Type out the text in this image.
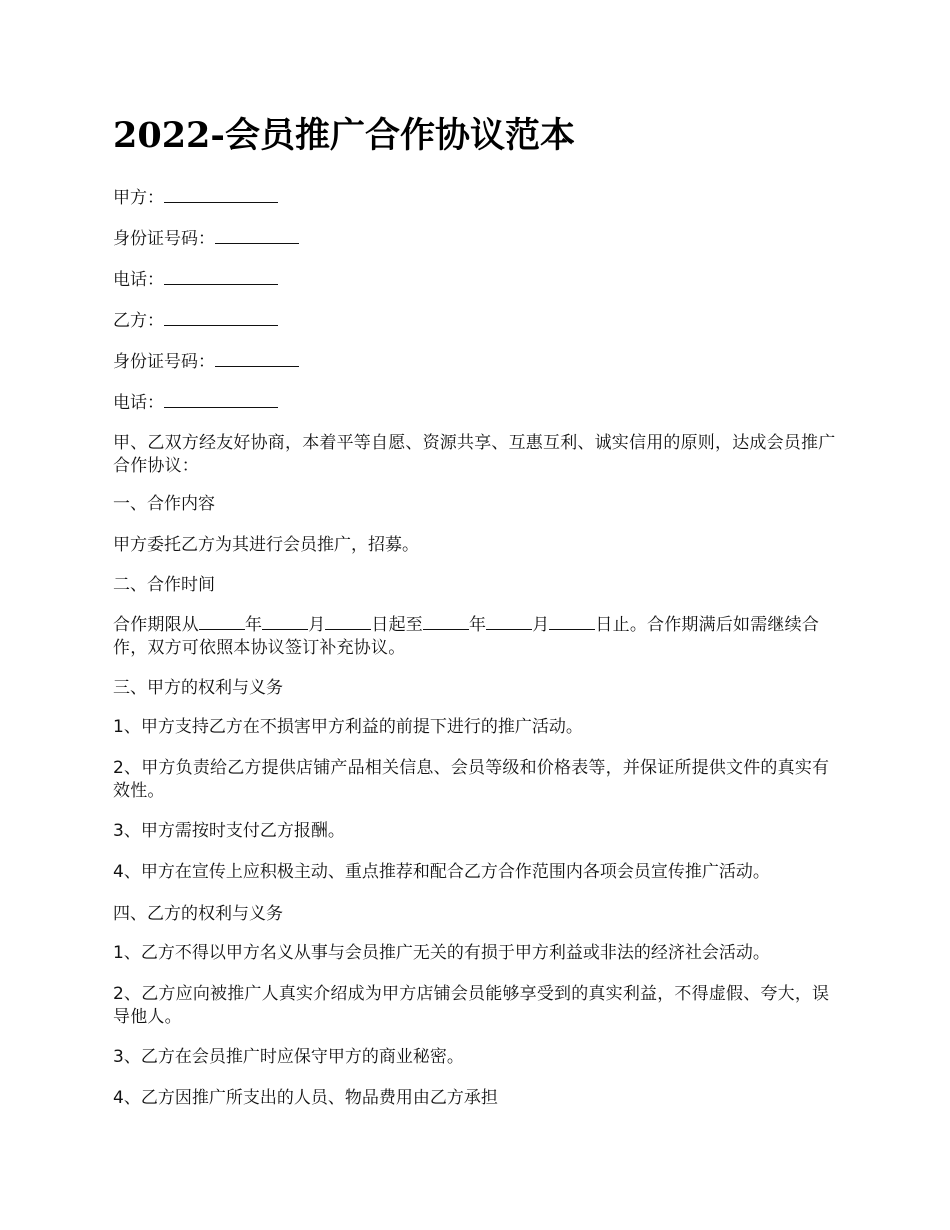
2022-会员推广合作协议范本

甲方：

身份证号码：

电话：

乙方：

身份证号码：

电话：

甲、乙双方经友好协商，本着平等自愿、资源共享、互惠互利、诚实信用的原则，达成会员推广合作协议：

一、合作内容

甲方委托乙方为其进行会员推广，招募。

二、合作时间

合作期限从	年	月	日起至	年	月	日止。合作期满后如需继续合作，双方可依照本协议签订补充协议。

三、甲方的权利与义务

1、甲方支持乙方在不损害甲方利益的前提下进行的推广活动。

2、甲方负责给乙方提供店铺产品相关信息、会员等级和价格表等，并保证所提供文件的真实有效性。

3、甲方需按时支付乙方报酬。

4、甲方在宣传上应积极主动、重点推荐和配合乙方合作范围内各项会员宣传推广活动。

四、乙方的权利与义务

1、乙方不得以甲方名义从事与会员推广无关的有损于甲方利益或非法的经济社会活动。

2、乙方应向被推广人真实介绍成为甲方店铺会员能够享受到的真实利益，不得虚假、夸大，误导他人。

3、乙方在会员推广时应保守甲方的商业秘密。

4、乙方因推广所支出的人员、物品费用由乙方承担
